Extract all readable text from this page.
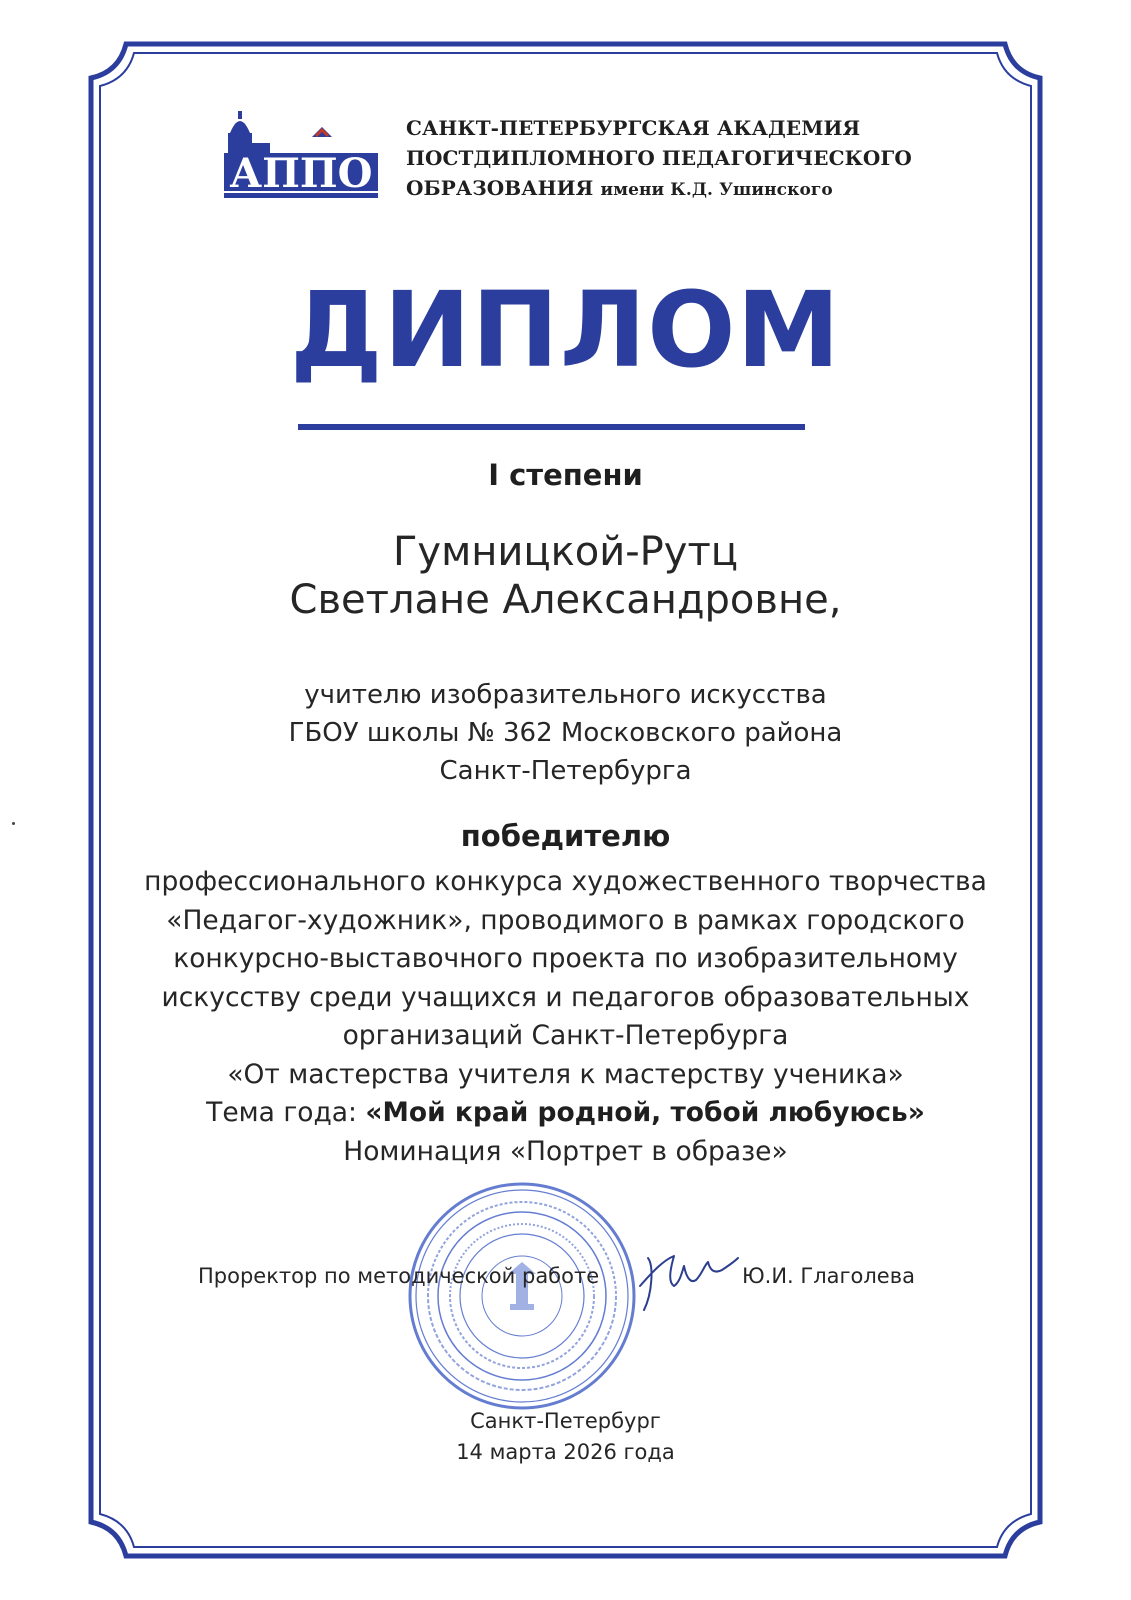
АППО
САНКТ-ПЕТЕРБУРГСКАЯ АКАДЕМИЯ
ПОСТДИПЛОМНОГО ПЕДАГОГИЧЕСКОГО
ОБРАЗОВАНИЯ имени К.Д. Ушинского
ДИПЛОМ
I степени
Гумницкой-Рутц
Светлане Александровне,
учителю изобразительного искусства
ГБОУ школы № 362 Московского района
Санкт-Петербурга
победителю
профессионального конкурса художественного творчества
«Педагог-художник», проводимого в рамках городского
конкурсно-выставочного проекта по изобразительному
искусству среди учащихся и педагогов образовательных
организаций Санкт-Петербурга
«От мастерства учителя к мастерству ученика»
Тема года: «Мой край родной, тобой любуюсь»
Номинация «Портрет в образе»
Проректор по методической работе	Ю.И. Глаголева
Санкт-Петербург
14 марта 2026 года
